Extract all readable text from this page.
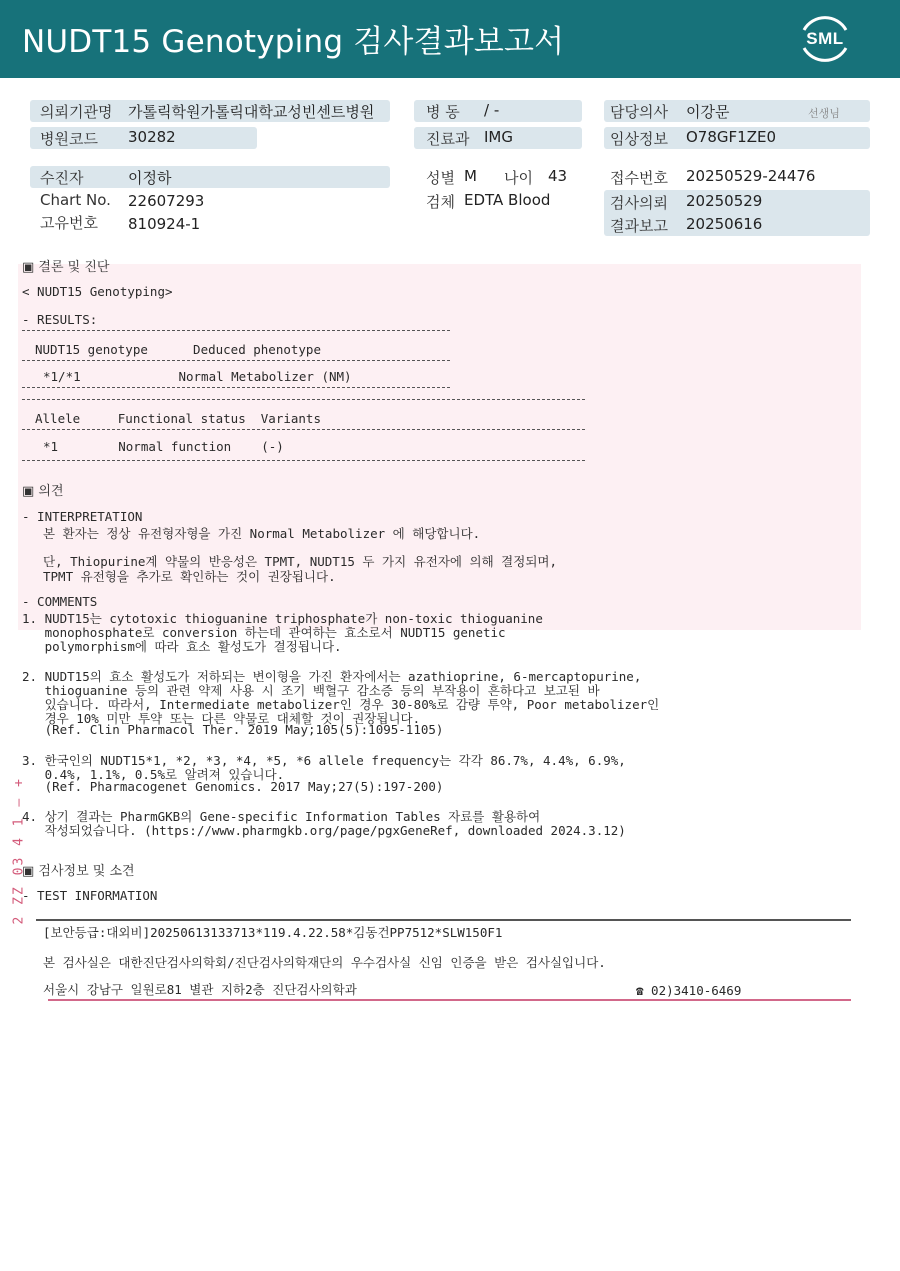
NUDT15 Genotyping 검사결과보고서	SML
의뢰기관명 가톨릭학원가톨릭대학교성빈센트병원
병원코드 30282
병 동 / -
진료과 IMG
담당의사 이강문	선생님
임상정보 O78GF1ZE0
수진자	이정하
Chart No. 22607293
고유번호 810924-1
성별 M 나이 43
검체 EDTA Blood
접수번호 20250529-24476
검사의뢰 20250529
결과보고 20250616
▣ 결론 및 진단
< NUDT15 Genotyping>
- RESULTS:
NUDT15 genotype      Deduced phenotype
*1/*1             Normal Metabolizer (NM)
Allele     Functional status  Variants
*1        Normal function    (-)
▣ 의견
- INTERPRETATION
본 환자는 정상 유전형자형을 가진 Normal Metabolizer 에 해당합니다.
단, Thiopurine계 약물의 반응성은 TPMT, NUDT15 두 가지 유전자에 의해 결정되며,
TPMT 유전형을 추가로 확인하는 것이 권장됩니다.
- COMMENTS
1. NUDT15는 cytotoxic thioguanine triphosphate가 non-toxic thioguanine
monophosphate로 conversion 하는데 관여하는 효소로서 NUDT15 genetic
polymorphism에 따라 효소 활성도가 결정됩니다.
2. NUDT15의 효소 활성도가 저하되는 변이형을 가진 환자에서는 azathioprine, 6-mercaptopurine,
thioguanine 등의 관련 약제 사용 시 조기 백혈구 감소증 등의 부작용이 흔하다고 보고된 바
있습니다. 따라서, Intermediate metabolizer인 경우 30-80%로 감량 투약, Poor metabolizer인
경우 10% 미만 투약 또는 다른 약물로 대체할 것이 권장됩니다.
(Ref. Clin Pharmacol Ther. 2019 May;105(5):1095-1105)
3. 한국인의 NUDT15*1, *2, *3, *4, *5, *6 allele frequency는 각각 86.7%, 4.4%, 6.9%,
0.4%, 1.1%, 0.5%로 알려져 있습니다.
(Ref. Pharmacogenet Genomics. 2017 May;27(5):197-200)
4. 상기 결과는 PharmGKB의 Gene-specific Information Tables 자료를 활용하여
작성되었습니다. (https://www.pharmgkb.org/page/pgxGeneRef, downloaded 2024.3.12)
▣ 검사정보 및 소견
- TEST INFORMATION
[보안등급:대외비]20250613133713*119.4.22.58*김동건PP7512*SLW150F1
본 검사실은 대한진단검사의학회/진단검사의학재단의 우수검사실 신임 인증을 받은 검사실입니다.
서울시 강남구 일원로81 별관 지하2층 진단검사의학과	☎ 02)3410-6469
2 ZZ 03 4 1 — +
